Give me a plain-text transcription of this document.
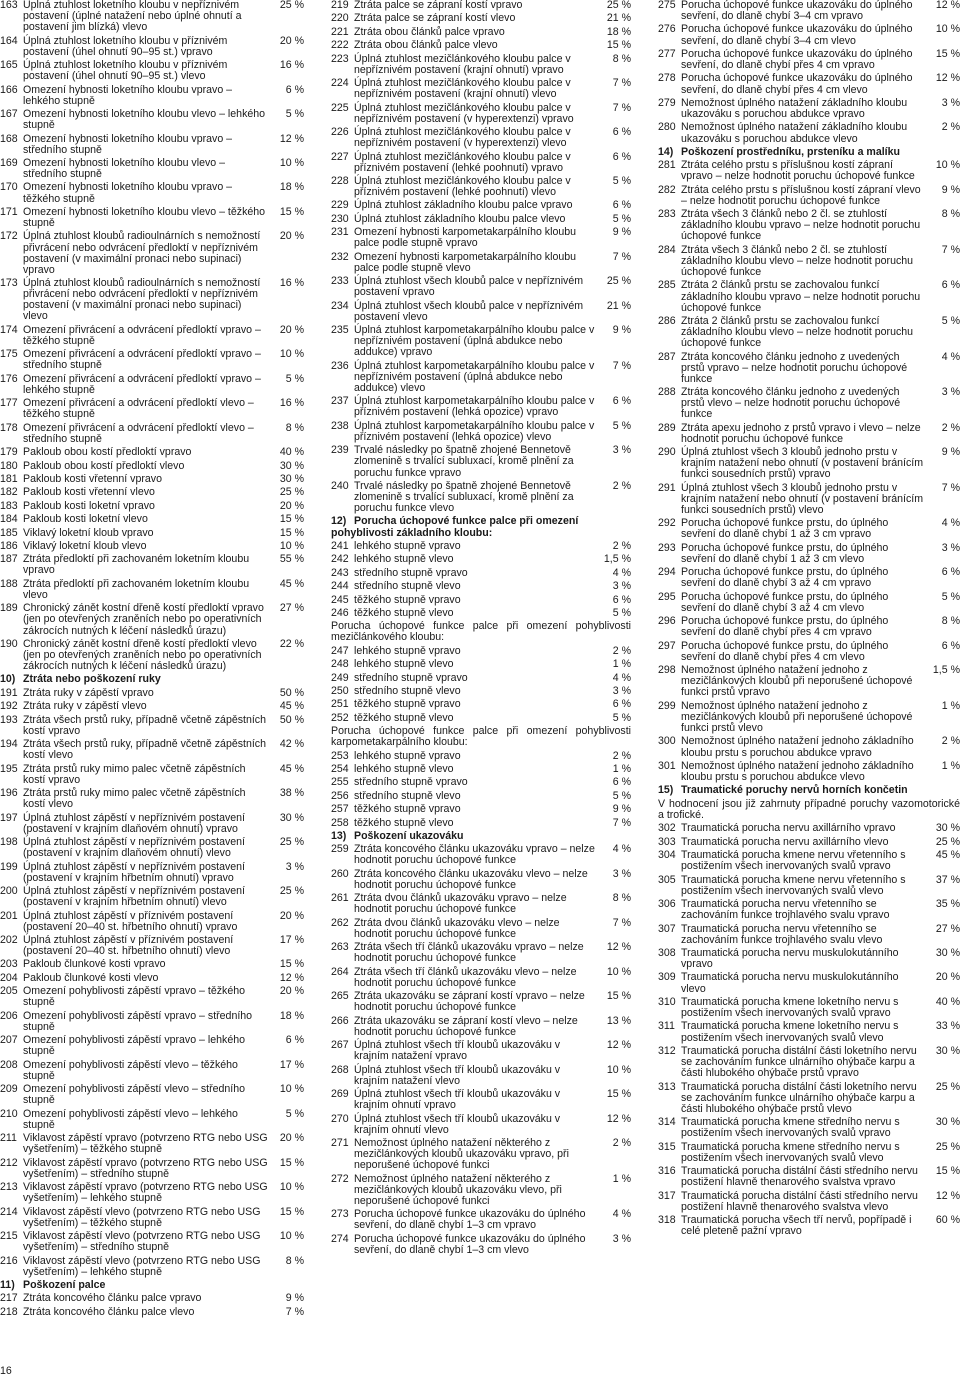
163 Úplná ztuhlost loketního kloubu v nepříznivém postavení (úplné natažení nebo úplné ohnutí a postavení jim blízká) vlevo
25 %
164 Úplná ztuhlost loketního kloubu v příznivém postavení (úhel ohnutí 90–95 st.) vpravo
20 %
165 Úplná ztuhlost loketního kloubu v příznivém postavení (úhel ohnutí 90–95 st.) vlevo
16 %
166 Omezení hybnosti loketního kloubu vpravo – lehkého stupně
6 %
167 Omezení hybnosti loketního kloubu vlevo – lehkého stupně
5 %
168 Omezení hybnosti loketního kloubu vpravo – středního stupně
12 %
169 Omezení hybnosti loketního kloubu vlevo – středního stupně
10 %
170 Omezení hybnosti loketního kloubu vpravo – těžkého stupně
18 %
171 Omezení hybnosti loketního kloubu vlevo – těžkého stupně
15 %
172 Úplná ztuhlost kloubů radioulnárních s nemožností přivrácení nebo odvrácení předloktí v nepříznivém postavení (v maximální pronaci nebo supinaci) vpravo
20 %
173 Úplná ztuhlost kloubů radioulnárních s nemožností přivrácení nebo odvrácení předloktí v nepříznivém postavení (v maximální pronaci nebo supinaci) vlevo
16 %
174 Omezení přivrácení a odvrácení předloktí vpravo – těžkého stupně
20 %
175 Omezení přivrácení a odvrácení předloktí vpravo – středního stupně
10 %
176 Omezení přivrácení a odvrácení předloktí vpravo – lehkého stupně
5 %
177 Omezení přivrácení a odvrácení předloktí vlevo – těžkého stupně
16 %
178 Omezení přivrácení a odvrácení předloktí vlevo – středního stupně
8 %
179 Pakloub obou kostí předloktí vpravo	40 %
180 Pakloub obou kostí předloktí vlevo	30 %
181 Pakloub kosti vřetenní vpravo	30 %
182 Pakloub kosti vřetenní vlevo	25 %
183 Pakloub kosti loketní vpravo	20 %
184 Pakloub kosti loketní vlevo	15 %
185 Viklavý loketní kloub vpravo	15 %
186 Viklavý loketní kloub vlevo	10 %
187 Ztráta předloktí při zachovaném loketním kloubu vpravo
55 %
188 Ztráta předloktí při zachovaném loketním kloubu vlevo
45 %
189 Chronický zánět kostní dřeně kostí předloktí vpravo (jen po otevřených zraněních nebo po operativních zákrocích nutných k léčení následků úrazu)
27 %
190 Chronický zánět kostní dřeně kostí předloktí vlevo (jen po otevřených zraněních nebo po operativních zákrocích nutných k léčení následků úrazu)
22 %
10) Ztráta nebo poškození ruky
191 Ztráta ruky v zápěstí vpravo	50 %
192 Ztráta ruky v zápěstí vlevo	45 %
193 Ztráta všech prstů ruky, případně včetně zápěstních kostí vpravo
50 %
194 Ztráta všech prstů ruky, případně včetně zápěstních kostí vlevo
42 %
195 Ztráta prstů ruky mimo palec včetně zápěstních kostí vpravo
45 %
196 Ztráta prstů ruky mimo palec včetně zápěstních kostí vlevo
38 %
197 Úplná ztuhlost zápěstí v nepříznivém postavení (postavení v krajním dlaňovém ohnutí) vpravo
30 %
198 Úplná ztuhlost zápěstí v nepříznivém postavení (postavení v krajním dlaňovém ohnutí) vlevo
25 %
199 Úplná ztuhlost zápěstí v nepříznivém postavení (postavení v krajním hřbetním ohnutí) vpravo
3 %
200 Úplná ztuhlost zápěstí v nepříznivém postavení (postavení v krajním hřbetním ohnutí) vlevo
25 %
201 Úplná ztuhlost zápěstí v příznivém postavení (postavení 20–40 st. hřbetního ohnutí) vpravo
20 %
202 Úplná ztuhlost zápěstí v příznivém postavení (postavení 20–40 st. hřbetního ohnutí) vlevo
17 %
203 Pakloub člunkové kosti vpravo	15 %
204 Pakloub člunkové kosti vlevo	12 %
205 Omezení pohyblivosti zápěstí vpravo – těžkého stupně
20 %
206 Omezení pohyblivosti zápěstí vpravo – středního stupně
18 %
207 Omezení pohyblivosti zápěstí vpravo – lehkého stupně
6 %
208 Omezení pohyblivosti zápěstí vlevo – těžkého stupně
17 %
209 Omezení pohyblivosti zápěstí vlevo – středního stupně
10 %
210 Omezení pohyblivosti zápěstí vlevo – lehkého stupně
5 %
211 Viklavost zápěstí vpravo (potvrzeno RTG nebo USG vyšetřením) – těžkého stupně
20 %
212 Viklavost zápěstí vpravo (potvrzeno RTG nebo USG vyšetřením) – středního stupně
15 %
213 Viklavost zápěstí vpravo (potvrzeno RTG nebo USG vyšetřením) – lehkého stupně
10 %
214 Viklavost zápěstí vlevo (potvrzeno RTG nebo USG vyšetřením) – těžkého stupně
15 %
215 Viklavost zápěstí vlevo (potvrzeno RTG nebo USG vyšetřením) – středního stupně
10 %
216 Viklavost zápěstí vlevo (potvrzeno RTG nebo USG vyšetřením) – lehkého stupně
8 %
11) Poškození palce
217 Ztráta koncového článku palce vpravo	9 %
218 Ztráta koncového článku palce vlevo	7 %
219 Ztráta palce se zápraní kostí vpravo	25 %
220 Ztráta palce se zápraní kostí vlevo	21 %
221 Ztráta obou článků palce vpravo	18 %
222 Ztráta obou článků palce vlevo	15 %
223 Úplná ztuhlost mezičlánkového kloubu palce v nepříznivém postavení (krajní ohnutí) vpravo
8 %
224 Úplná ztuhlost mezičlánkového kloubu palce v nepříznivém postavení (krajní ohnutí) vlevo
7 %
225 Úplná ztuhlost mezičlánkového kloubu palce v nepříznivém postavení (v hyperextenzi) vpravo
7 %
226 Úplná ztuhlost mezičlánkového kloubu palce v nepříznivém postavení (v hyperextenzi) vlevo
6 %
227 Úplná ztuhlost mezičlánkového kloubu palce v příznivém postavení (lehké poohnutí) vpravo
6 %
228 Úplná ztuhlost mezičlánkového kloubu palce v příznivém postavení (lehké poohnutí) vlevo
5 %
229 Úplná ztuhlost základního kloubu palce vpravo	6 %
230 Úplná ztuhlost základního kloubu palce vlevo	5 %
231 Omezení hybnosti karpometakarpálního kloubu palce podle stupně vpravo
9 %
232 Omezení hybnosti karpometakarpálního kloubu palce podle stupně vlevo
7 %
233 Úplná ztuhlost všech kloubů palce v nepříznivém postavení vpravo
25 %
234 Úplná ztuhlost všech kloubů palce v nepříznivém postavení vlevo
21 %
235 Úplná ztuhlost karpometakarpálního kloubu palce v nepříznivém postavení (úplná abdukce nebo addukce) vpravo
9 %
236 Úplná ztuhlost karpometakarpálního kloubu palce v nepříznivém postavení (úplná abdukce nebo addukce) vlevo
7 %
237 Úplná ztuhlost karpometakarpálního kloubu palce v příznivém postavení (lehká opozice) vpravo
6 %
238 Úplná ztuhlost karpometakarpálního kloubu palce v příznivém postavení (lehká opozice) vlevo
5 %
239 Trvalé následky po špatně zhojené Bennetově zlomenině s trvalící subluxací, kromě plnění za poruchu funkce vpravo
3 %
240 Trvalé následky po špatně zhojené Bennetově zlomenině s trvalící subluxací, kromě plnění za poruchu funkce vlevo
2 %
12) Porucha úchopové funkce palce při omezení pohyblivosti základního kloubu:
241 lehkého stupně vpravo	2 %
242 lehkého stupně vlevo	1,5 %
243 středního stupně vpravo	4 %
244 středního stupně vlevo	3 %
245 těžkého stupně vpravo	6 %
246 těžkého stupně vlevo	5 %
Porucha úchopové funkce palce při omezení pohyblivosti mezičlánkového kloubu:
247 lehkého stupně vpravo	2 %
248 lehkého stupně vlevo	1 %
249 středního stupně vpravo	4 %
250 středního stupně vlevo	3 %
251 těžkého stupně vpravo	6 %
252 těžkého stupně vlevo	5 %
Porucha úchopové funkce palce při omezení pohyblivosti karpometakarpálního kloubu:
253 lehkého stupně vpravo	2 %
254 lehkého stupně vlevo	1 %
255 středního stupně vpravo	6 %
256 středního stupně vlevo	5 %
257 těžkého stupně vpravo	9 %
258 těžkého stupně vlevo	7 %
13) Poškození ukazováku
259 Ztráta koncového článku ukazováku vpravo – nelze hodnotit poruchu úchopové funkce
4 %
260 Ztráta koncového článku ukazováku vlevo – nelze hodnotit poruchu úchopové funkce
3 %
261 Ztráta dvou článků ukazováku vpravo – nelze hodnotit poruchu úchopové funkce
8 %
262 Ztráta dvou článků ukazováku vlevo – nelze hodnotit poruchu úchopové funkce
7 %
263 Ztráta všech tří článků ukazováku vpravo – nelze hodnotit poruchu úchopové funkce
12 %
264 Ztráta všech tří článků ukazováku vlevo – nelze hodnotit poruchu úchopové funkce
10 %
265 Ztráta ukazováku se zápraní kostí vpravo – nelze hodnotit poruchu úchopové funkce
15 %
266 Ztráta ukazováku se zápraní kostí vlevo – nelze hodnotit poruchu úchopové funkce
13 %
267 Úplná ztuhlost všech tří kloubů ukazováku v krajním natažení vpravo
12 %
268 Úplná ztuhlost všech tří kloubů ukazováku v krajním natažení vlevo
10 %
269 Úplná ztuhlost všech tří kloubů ukazováku v krajním ohnutí vpravo
15 %
270 Úplná ztuhlost všech tří kloubů ukazováku v krajním ohnutí vlevo
12 %
271 Nemožnost úplného natažení některého z mezičlánkových kloubů ukazováku vpravo, při neporušené úchopové funkci
2 %
272 Nemožnost úplného natažení některého z mezičlánkových kloubů ukazováku vlevo, při neporušené úchopové funkci
1 %
273 Porucha úchopové funkce ukazováku do úplného sevření, do dlaně chybí 1–3 cm vpravo
4 %
274 Porucha úchopové funkce ukazováku do úplného sevření, do dlaně chybí 1–3 cm vlevo
3 %
275 Porucha úchopové funkce ukazováku do úplného sevření, do dlaně chybí 3–4 cm vpravo
12 %
276 Porucha úchopové funkce ukazováku do úplného sevření, do dlaně chybí 3–4 cm vlevo
10 %
277 Porucha úchopové funkce ukazováku do úplného sevření, do dlaně chybí přes 4 cm vpravo
15 %
278 Porucha úchopové funkce ukazováku do úplného sevření, do dlaně chybí přes 4 cm vlevo
12 %
279 Nemožnost úplného natažení základního kloubu ukazováku s poruchou abdukce vpravo
3 %
280 Nemožnost úplného natažení základního kloubu ukazováku s poruchou abdukce vlevo
2 %
14) Poškození prostředníku, prsteníku a malíku
281 Ztráta celého prstu s příslušnou kostí zápraní vpravo – nelze hodnotit poruchu úchopové funkce
10 %
282 Ztráta celého prstu s příslušnou kostí zápraní vlevo – nelze hodnotit poruchu úchopové funkce
9 %
283 Ztráta všech 3 článků nebo 2 čl. se ztuhlostí základního kloubu vpravo – nelze hodnotit poruchu úchopové funkce
8 %
284 Ztráta všech 3 článků nebo 2 čl. se ztuhlostí základního kloubu vlevo – nelze hodnotit poruchu úchopové funkce
7 %
285 Ztráta 2 článků prstu se zachovalou funkcí základního kloubu vpravo – nelze hodnotit poruchu úchopové funkce
6 %
286 Ztráta 2 článků prstu se zachovalou funkcí základního kloubu vlevo – nelze hodnotit poruchu úchopové funkce
5 %
287 Ztráta koncového článku jednoho z uvedených prstů vpravo – nelze hodnotit poruchu úchopové funkce
4 %
288 Ztráta koncového článku jednoho z uvedených prstů vlevo – nelze hodnotit poruchu úchopové funkce
3 %
289 Ztráta apexu jednoho z prstů vpravo i vlevo – nelze hodnotit poruchu úchopové funkce
2 %
290 Úplná ztuhlost všech 3 kloubů jednoho prstu v krajním natažení nebo ohnutí (v postavení bránícím funkci sousedních prstů) vpravo
9 %
291 Úplná ztuhlost všech 3 kloubů jednoho prstu v krajním natažení nebo ohnutí (v postavení bránícím funkci sousedních prstů) vlevo
7 %
292 Porucha úchopové funkce prstu, do úplného sevření do dlaně chybí 1 až 3 cm vpravo
4 %
293 Porucha úchopové funkce prstu, do úplného sevření do dlaně chybí 1 až 3 cm vlevo
3 %
294 Porucha úchopové funkce prstu, do úplného sevření do dlaně chybí 3 až 4 cm vpravo
6 %
295 Porucha úchopové funkce prstu, do úplného sevření do dlaně chybí 3 až 4 cm vlevo
5 %
296 Porucha úchopové funkce prstu, do úplného sevření do dlaně chybí přes 4 cm vpravo
8 %
297 Porucha úchopové funkce prstu, do úplného sevření do dlaně chybí přes 4 cm vlevo
6 %
298 Nemožnost úplného natažení jednoho z mezičlánkových kloubů při neporušené úchopové funkci prstů vpravo
1,5 %
299 Nemožnost úplného natažení jednoho z mezičlánkových kloubů při neporušené úchopové funkci prstů vlevo
1 %
300 Nemožnost úplného natažení jednoho základního kloubu prstu s poruchou abdukce vpravo
2 %
301 Nemožnost úplného natažení jednoho základního kloubu prstu s poruchou abdukce vlevo
1 %
15) Traumatické poruchy nervů horních končetin
V hodnocení jsou již zahrnuty případné poruchy vazomotorické a trofické.
302 Traumatická porucha nervu axillárního vpravo	30 %
303 Traumatická porucha nervu axillárního vlevo	25 %
304 Traumatická porucha kmene nervu vřetenního s postižením všech inervovaných svalů vpravo
45 %
305 Traumatická porucha kmene nervu vřetenního s postižením všech inervovaných svalů vlevo
37 %
306 Traumatická porucha nervu vřetenního se zachováním funkce trojhlavého svalu vpravo
35 %
307 Traumatická porucha nervu vřetenního se zachováním funkce trojhlavého svalu vlevo
27 %
308 Traumatická porucha nervu muskulokutánního vpravo
30 %
309 Traumatická porucha nervu muskulokutánního vlevo
20 %
310 Traumatická porucha kmene loketního nervu s postižením všech inervovaných svalů vpravo
40 %
311 Traumatická porucha kmene loketního nervu s postižením všech inervovaných svalů vlevo
33 %
312 Traumatická porucha distální části loketního nervu se zachováním funkce ulnárního ohýbače karpu a části hlubokého ohýbače prstů vpravo
30 %
313 Traumatická porucha distální části loketního nervu se zachováním funkce ulnárního ohýbače karpu a části hlubokého ohýbače prstů vlevo
25 %
314 Traumatická porucha kmene středního nervu s postižením všech inervovaných svalů vpravo
30 %
315 Traumatická porucha kmene středního nervu s postižením všech inervovaných svalů vlevo
25 %
316 Traumatická porucha distální části středního nervu postižení hlavně thenarového svalstva vpravo
15 %
317 Traumatická porucha distální části středního nervu postižení hlavně thenarového svalstva vlevo
12 %
318 Traumatická porucha všech tří nervů, popřípadě i celé pleteně pažní vpravo
60 %
16
